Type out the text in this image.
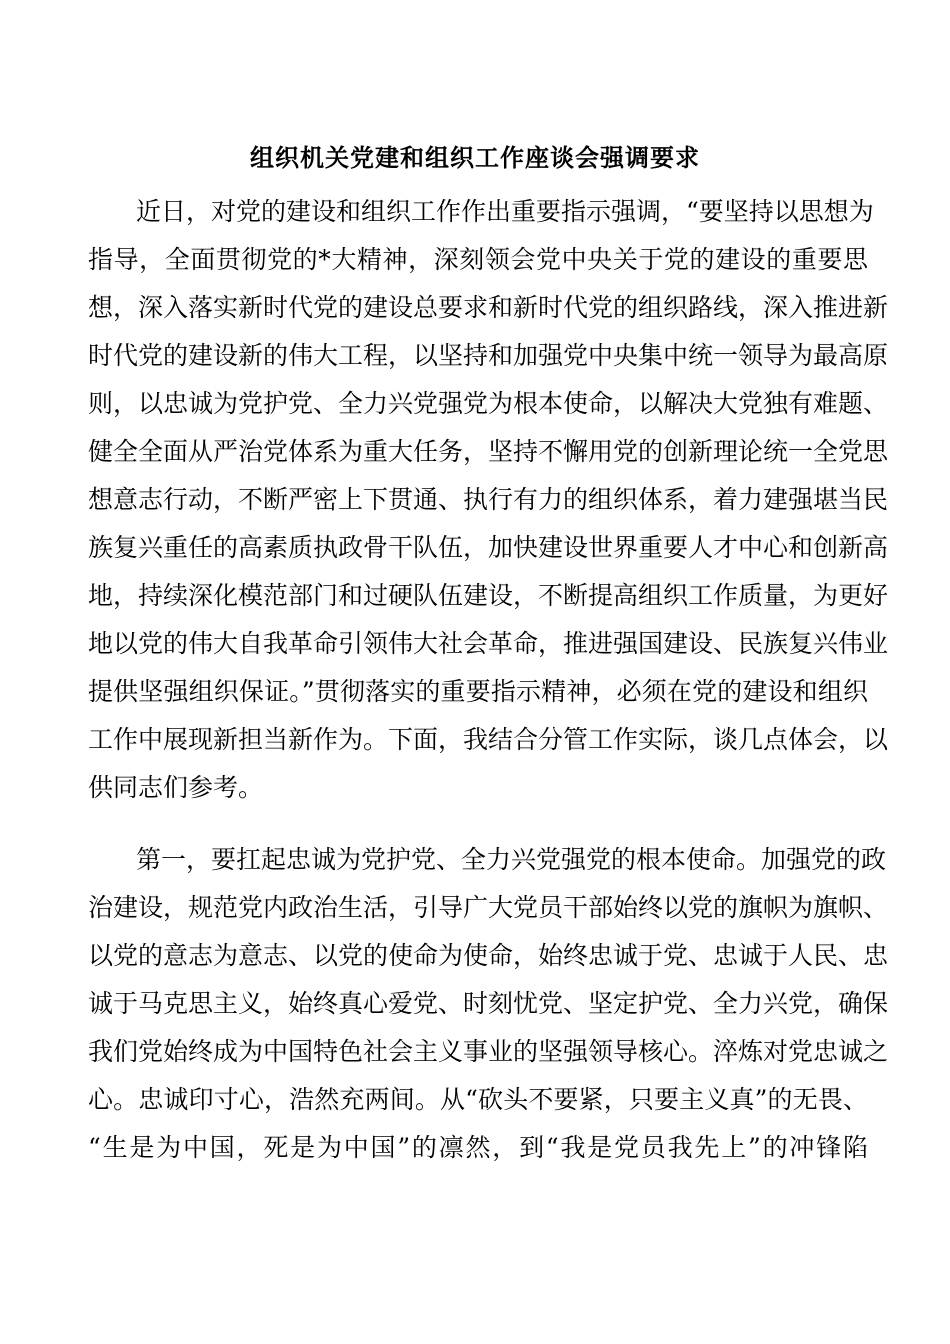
组织机关党建和组织工作座谈会强调要求

近日，对党的建设和组织工作作出重要指示强调，“要坚持以思想为

指导，全面贯彻党的*大精神，深刻领会党中央关于党的建设的重要思

想，深入落实新时代党的建设总要求和新时代党的组织路线，深入推进新

时代党的建设新的伟大工程，以坚持和加强党中央集中统一领导为最高原

则，以忠诚为党护党、全力兴党强党为根本使命，以解决大党独有难题、

健全全面从严治党体系为重大任务，坚持不懈用党的创新理论统一全党思

想意志行动，不断严密上下贯通、执行有力的组织体系，着力建强堪当民

族复兴重任的高素质执政骨干队伍，加快建设世界重要人才中心和创新高

地，持续深化模范部门和过硬队伍建设，不断提高组织工作质量，为更好

地以党的伟大自我革命引领伟大社会革命，推进强国建设、民族复兴伟业

提供坚强组织保证。”贯彻落实的重要指示精神，必须在党的建设和组织

工作中展现新担当新作为。下面，我结合分管工作实际，谈几点体会，以

供同志们参考。

第一，要扛起忠诚为党护党、全力兴党强党的根本使命。加强党的政

治建设，规范党内政治生活，引导广大党员干部始终以党的旗帜为旗帜、

以党的意志为意志、以党的使命为使命，始终忠诚于党、忠诚于人民、忠

诚于马克思主义，始终真心爱党、时刻忧党、坚定护党、全力兴党，确保

我们党始终成为中国特色社会主义事业的坚强领导核心。淬炼对党忠诚之

心。忠诚印寸心，浩然充两间。从“砍头不要紧，只要主义真”的无畏、

“生是为中国，死是为中国”的凛然，到“我是党员我先上”的冲锋陷
